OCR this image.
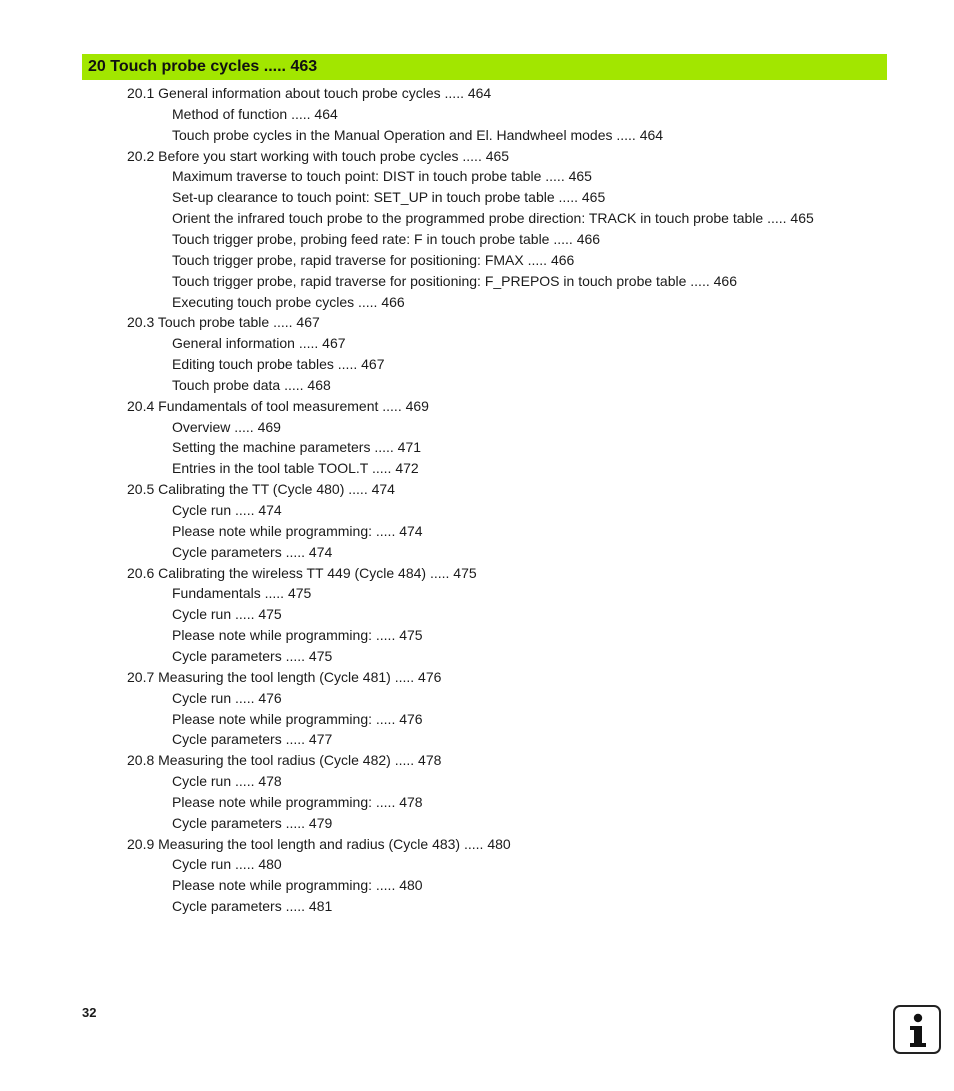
20 Touch probe cycles ..... 463
20.1 General information about touch probe cycles ..... 464
Method of function ..... 464
Touch probe cycles in the Manual Operation and El. Handwheel modes ..... 464
20.2 Before you start working with touch probe cycles ..... 465
Maximum traverse to touch point: DIST in touch probe table ..... 465
Set-up clearance to touch point: SET_UP in touch probe table ..... 465
Orient the infrared touch probe to the programmed probe direction: TRACK in touch probe table ..... 465
Touch trigger probe, probing feed rate: F in touch probe table ..... 466
Touch trigger probe, rapid traverse for positioning: FMAX ..... 466
Touch trigger probe, rapid traverse for positioning: F_PREPOS in touch probe table ..... 466
Executing touch probe cycles ..... 466
20.3 Touch probe table ..... 467
General information ..... 467
Editing touch probe tables ..... 467
Touch probe data ..... 468
20.4 Fundamentals of tool measurement ..... 469
Overview ..... 469
Setting the machine parameters ..... 471
Entries in the tool table TOOL.T ..... 472
20.5 Calibrating the TT (Cycle 480) ..... 474
Cycle run ..... 474
Please note while programming: ..... 474
Cycle parameters ..... 474
20.6 Calibrating the wireless TT 449 (Cycle 484) ..... 475
Fundamentals ..... 475
Cycle run ..... 475
Please note while programming: ..... 475
Cycle parameters ..... 475
20.7 Measuring the tool length (Cycle 481) ..... 476
Cycle run ..... 476
Please note while programming: ..... 476
Cycle parameters ..... 477
20.8 Measuring the tool radius (Cycle 482) ..... 478
Cycle run ..... 478
Please note while programming: ..... 478
Cycle parameters ..... 479
20.9 Measuring the tool length and radius (Cycle 483) ..... 480
Cycle run ..... 480
Please note while programming: ..... 480
Cycle parameters ..... 481
32
